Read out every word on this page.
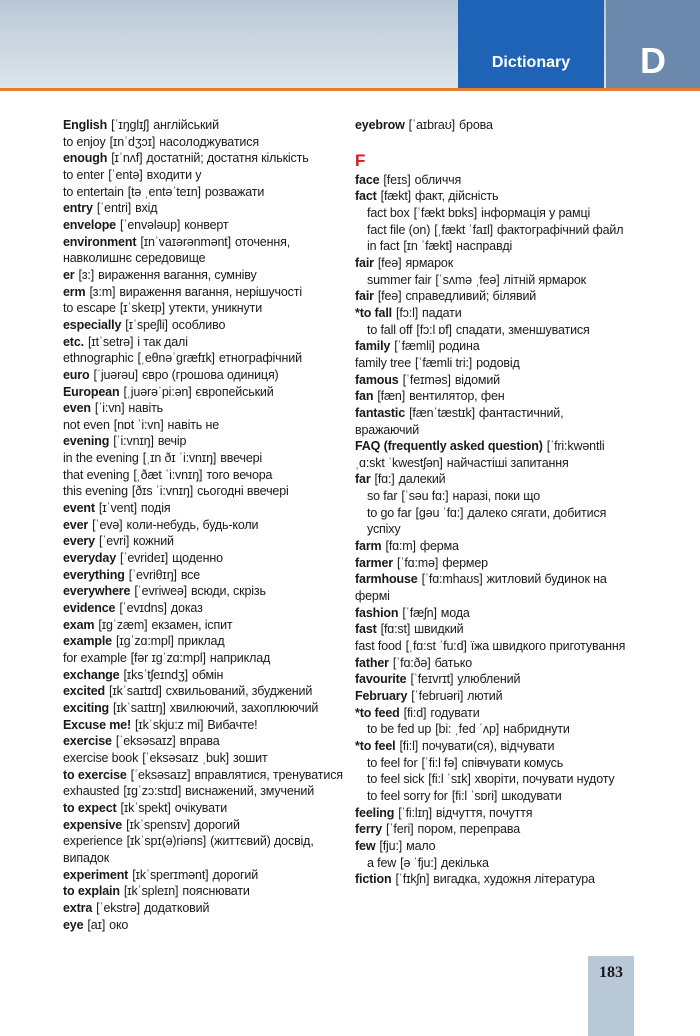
Dictionary D
English [ˈɪŋglɪʃ] англійський
to enjoy [ɪnˈdʒɔɪ] насолоджуватися
enough [ɪˈnʌf] достатній; достатня кількість
to enter [ˈentə] входити у
to entertain [tə ˌentəˈteɪn] розважати
entry [ˈentri] вхід
envelope [ˈenvələup] конверт
environment [ɪnˈvaɪərənmənt] оточення, навколишнє середовище
er [ɜ:] вираження вагання, сумніву
erm [ɜ:m] вираження вагання, нерішучості
to escape [ɪˈskeɪp] утекти, уникнути
especially [ɪˈspeʃli] особливо
etc. [ɪtˈsetrə] і так далі
ethnographic [ˌeθnəˈgræfɪk] етнографічний
euro [ˈjuərəu] євро (грошова одиниця)
European [ˌjuərəˈpi:ən] європейський
even [ˈi:vn] навіть
not even [nɒt ˈi:vn] навіть не
evening [ˈi:vnɪŋ] вечір
in the evening [ˌɪn ðɪ ˈi:vnɪŋ] ввечері
that evening [ˌðæt ˈi:vnɪŋ] того вечора
this evening [ðɪs ˈi:vnɪŋ] сьогодні ввечері
event [ɪˈvent] подія
ever [ˈevə] коли-небудь, будь-коли
every [ˈevri] кожний
everyday [ˈevrideɪ] щоденно
everything [ˈevriθɪŋ] все
everywhere [ˈevriweə] всюди, скрізь
evidence [ˈevɪdns] доказ
exam [ɪgˈzæm] екзамен, іспит
example [ɪgˈzɑ:mpl] приклад
for example [fər ɪgˈzɑ:mpl] наприклад
exchange [ɪksˈtʃeɪndʒ] обмін
excited [ɪkˈsaɪtɪd] схвильований, збуджений
exciting [ɪkˈsaɪtɪŋ] хвилюючий, захоплюючий
Excuse me! [ɪkˈskju:z mi] Вибачте!
exercise [ˈeksəsaɪz] вправа
exercise book [ˈeksəsaɪz ˌbuk] зошит
to exercise [ˈeksəsaɪz] вправлятися, тренуватися
exhausted [ɪgˈzɔ:stɪd] виснажений, змучений
to expect [ɪkˈspekt] очікувати
expensive [ɪkˈspensɪv] дорогий
experience [ɪkˈspɪ(ə)riəns] (життєвий) досвід, випадок
experiment [ɪkˈsperɪmənt] дорогий
to explain [ɪkˈspleɪn] пояснювати
extra [ˈekstrə] додатковий
eye [aɪ] око
eyebrow [ˈaɪbraʊ] брова
F
face [feɪs] обличчя
fact [fækt] факт, дійсність
fact box [ˈfækt bɒks] інформація у рамці
fact file (on) [ˌfækt ˈfaɪl] фактографічний файл
in fact [ɪn ˈfækt] насправді
fair [feə] ярмарок
summer fair [ˈsʌmə ˌfeə] літній ярмарок
fair [feə] справедливий; білявий
*to fall [fɔ:l] падати
to fall off [fɔ:l ɒf] спадати, зменшуватися
family [ˈfæmli] родина
family tree [ˈfæmli tri:] родовід
famous [ˈfeɪməs] відомий
fan [fæn] вентилятор, фен
fantastic [fænˈtæstɪk] фантастичний, вражаючий
FAQ (frequently asked question) [ˈfri:kwəntli ˌɑ:skt ˈkwestʃən] найчастіші запитання
far [fɑ:] далекий
so far [ˈsəu fɑ:] наразі, поки що
to go far [gəu ˈfɑ:] далеко сягати, добитися успіху
farm [fɑ:m] ферма
farmer [ˈfɑ:mə] фермер
farmhouse [ˈfɑ:mhaʊs] житловий будинок на фермі
fashion [ˈfæʃn] мода
fast [fɑ:st] швидкий
fast food [ˌfɑ:st ˈfu:d] їжа швидкого приготування
father [ˈfɑ:ðə] батько
favourite [ˈfeɪvrɪt] улюблений
February [ˈfebruəri] лютий
*to feed [fi:d] годувати
to be fed up [bi: ˌfed ˈʌp] набриднути
*to feel [fi:l] почувати(ся), відчувати
to feel for [ˈfi:l fə] співчувати комусь
to feel sick [fi:l ˈsɪk] хворіти, почувати нудоту
to feel sorry for [fi:l ˈsɒri] шкодувати
feeling [ˈfi:lɪŋ] відчуття, почуття
ferry [ˈferi] пором, переправа
few [fju:] мало
a few [ə ˈfju:] декілька
fiction [ˈfɪkʃn] вигадка, художня література
183
